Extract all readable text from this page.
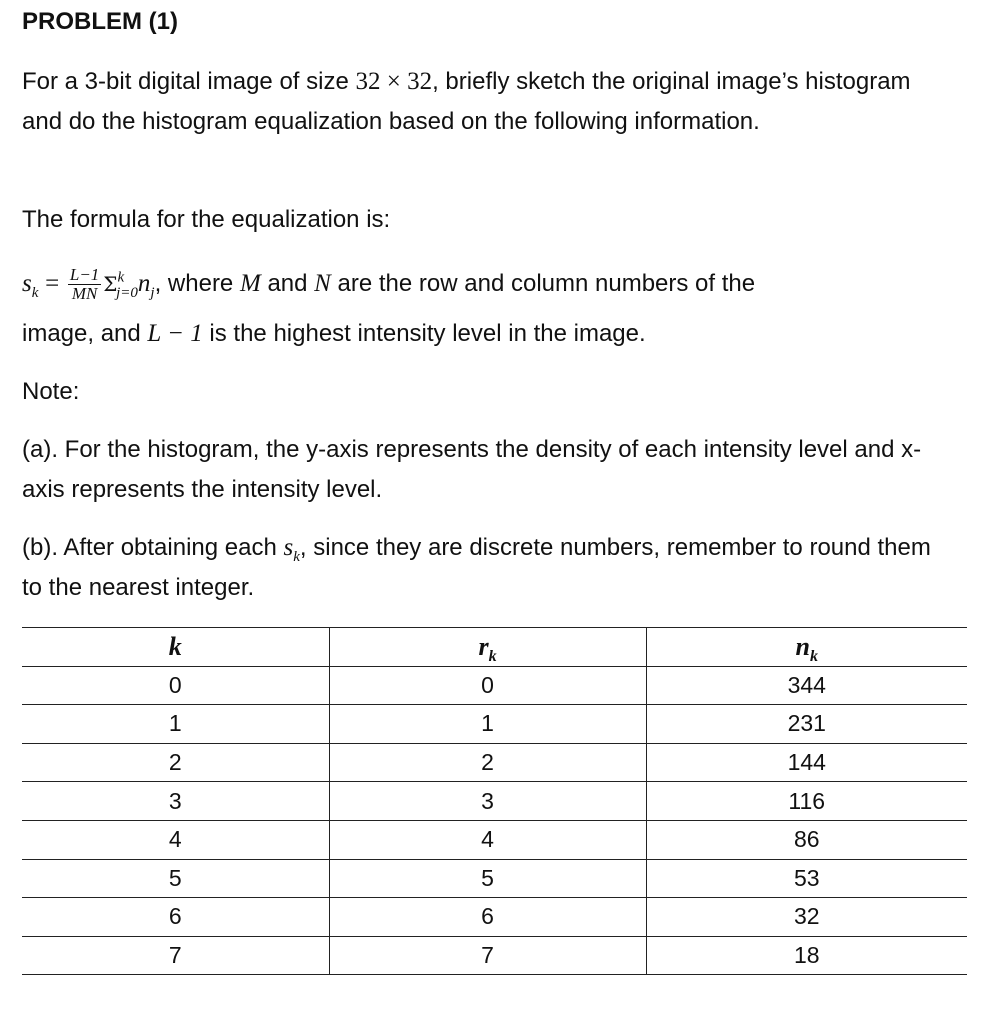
PROBLEM (1)

For a 3-bit digital image of size 32 × 32, briefly sketch the original image’s histogram and do the histogram equalization based on the following information.

The formula for the equalization is:

$s_k = \frac{L-1}{MN} \Sigma^k_{j=0}n_j$, where M and N are the row and column numbers of the

image, and L − 1 is the highest intensity level in the image.

Note:

(a). For the histogram, the y-axis represents the density of each intensity level and x-axis represents the intensity level.

(b). After obtaining each $s_k$, since they are discrete numbers, remember to round them to the nearest integer.

k	$r_k$	$n_k$
0	0	344
1	1	231
2	2	144
3	3	116
4	4	86
5	5	53
6	6	32
7	7	18
